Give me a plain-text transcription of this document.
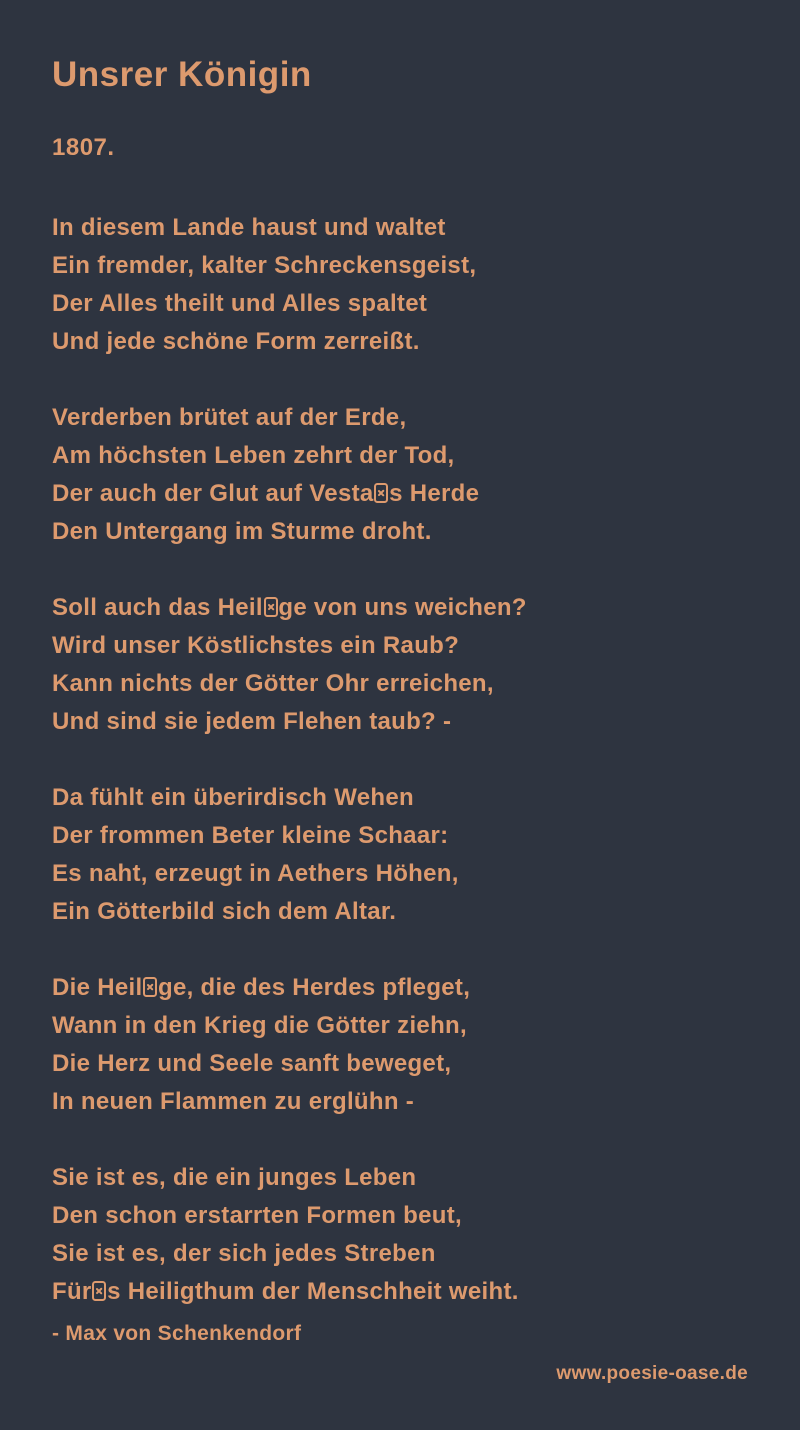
Unsrer Königin
1807.
In diesem Lande haust und waltet
Ein fremder, kalter Schreckensgeist,
Der Alles theilt und Alles spaltet
Und jede schöne Form zerreißt.
Verderben brütet auf der Erde,
Am höchsten Leben zehrt der Tod,
Der auch der Glut auf Vesta s Herde
Den Untergang im Sturme droht.
Soll auch das Heil ge von uns weichen?
Wird unser Köstlichstes ein Raub?
Kann nichts der Götter Ohr erreichen,
Und sind sie jedem Flehen taub? -
Da fühlt ein überirdisch Wehen
Der frommen Beter kleine Schaar:
Es naht, erzeugt in Aethers Höhen,
Ein Götterbild sich dem Altar.
Die Heil ge, die des Herdes pfleget,
Wann in den Krieg die Götter ziehn,
Die Herz und Seele sanft beweget,
In neuen Flammen zu erglühn -
Sie ist es, die ein junges Leben
Den schon erstarrten Formen beut,
Sie ist es, der sich jedes Streben
Für s Heiligthum der Menschheit weiht.
- Max von Schenkendorf
www.poesie-oase.de
